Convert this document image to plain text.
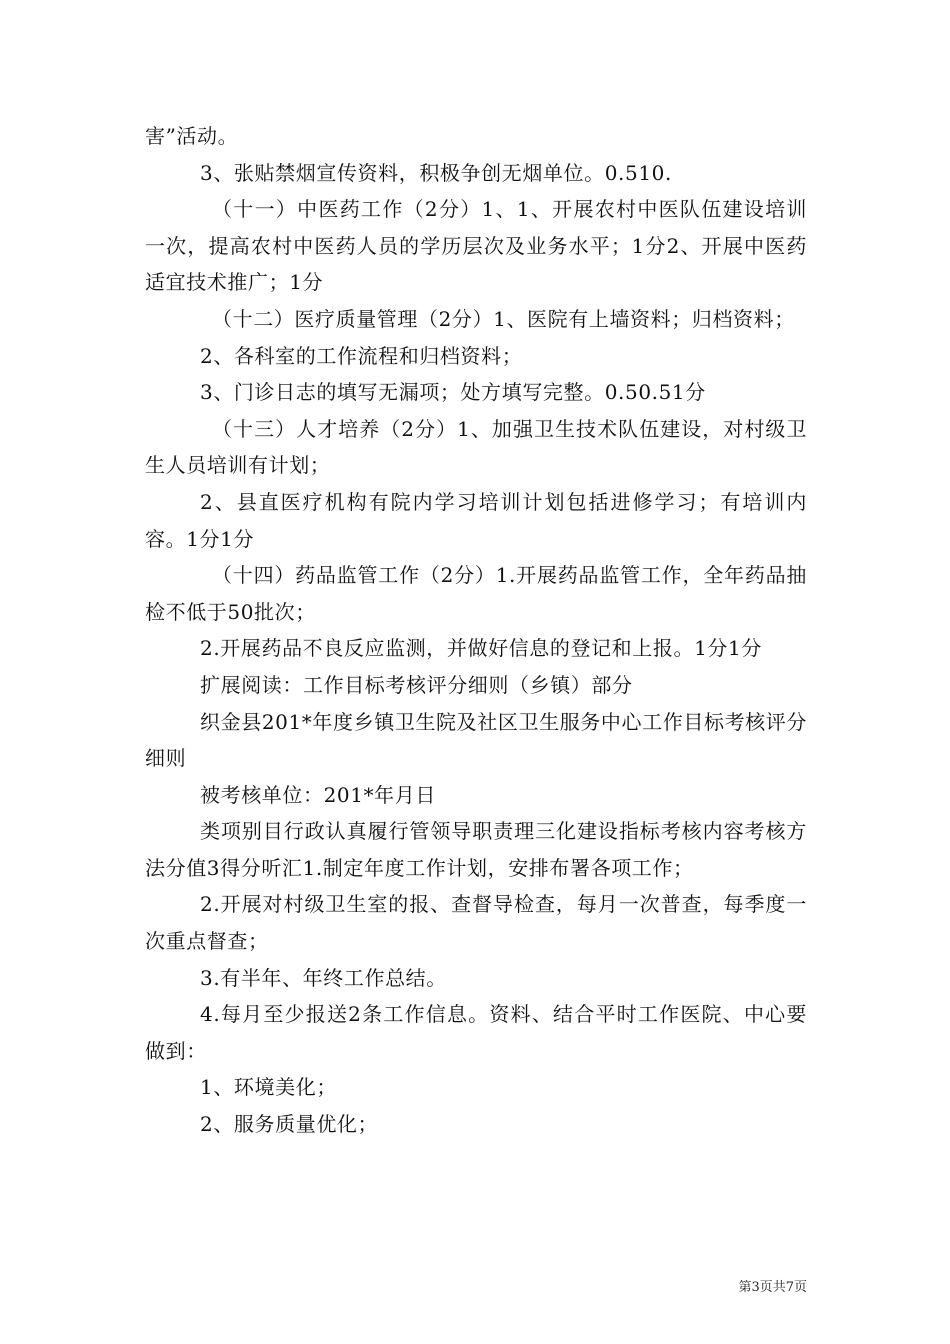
害”活动。

3、张贴禁烟宣传资料，积极争创无烟单位。0.510.

（十一）中医药工作（2分）1、1、开展农村中医队伍建设培训一次，提高农村中医药人员的学历层次及业务水平；1分2、开展中医药适宜技术推广；1分

（十二）医疗质量管理（2分）1、医院有上墙资料；归档资料；

2、各科室的工作流程和归档资料；

3、门诊日志的填写无漏项；处方填写完整。0.50.51分

（十三）人才培养（2分）1、加强卫生技术队伍建设，对村级卫生人员培训有计划；

2、县直医疗机构有院内学习培训计划包括进修学习；有培训内容。1分1分

（十四）药品监管工作（2分）1.开展药品监管工作，全年药品抽检不低于50批次；

2.开展药品不良反应监测，并做好信息的登记和上报。1分1分

扩展阅读：工作目标考核评分细则（乡镇）部分

织金县201*年度乡镇卫生院及社区卫生服务中心工作目标考核评分细则

被考核单位：201*年月日

类项别目行政认真履行管领导职责理三化建设指标考核内容考核方法分值3得分听汇1.制定年度工作计划，安排布署各项工作；

2.开展对村级卫生室的报、查督导检查，每月一次普查，每季度一次重点督查；

3.有半年、年终工作总结。

4.每月至少报送2条工作信息。资料、结合平时工作医院、中心要做到：

1、环境美化；

2、服务质量优化；

第3页共7页
